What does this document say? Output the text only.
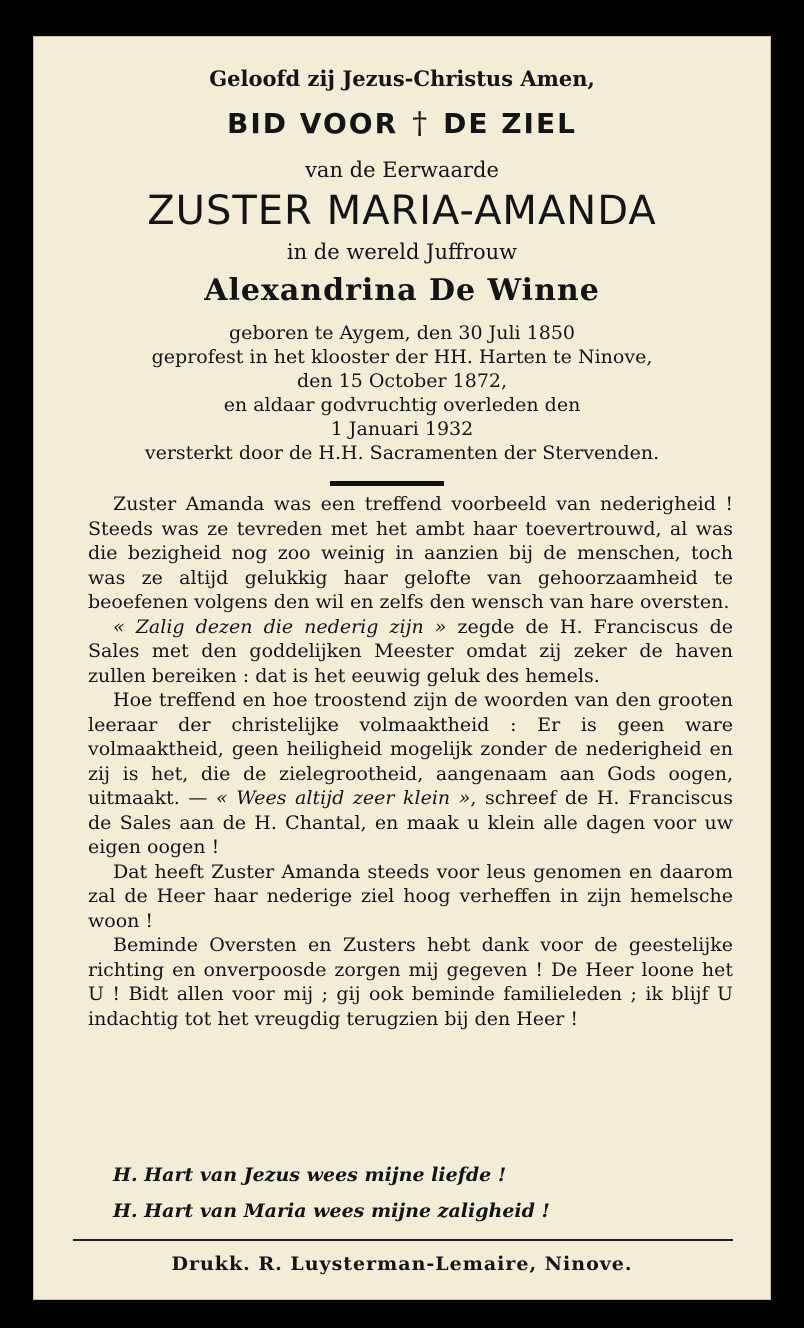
Geloofd zij Jezus-Christus Amen,
BID VOOR † DE ZIEL
van de Eerwaarde
ZUSTER MARIA-AMANDA
in de wereld Juffrouw
Alexandrina De Winne
geboren te Aygem, den 30 Juli 1850
geprofest in het klooster der HH. Harten te Ninove,
den 15 October 1872,
en aldaar godvruchtig overleden den
1 Januari 1932
versterkt door de H.H. Sacramenten der Stervenden.

Zuster Amanda was een treffend voorbeeld van nederigheid ! Steeds was ze tevreden met het ambt haar toevertrouwd, al was die bezigheid nog zoo weinig in aanzien bij de menschen, toch was ze altijd gelukkig haar gelofte van gehoorzaamheid te beoefenen volgens den wil en zelfs den wensch van hare oversten.

« Zalig dezen die nederig zijn » zegde de H. Franciscus de Sales met den goddelijken Meester omdat zij zeker de haven zullen bereiken : dat is het eeuwig geluk des hemels.

Hoe treffend en hoe troostend zijn de woorden van den grooten leeraar der christelijke volmaaktheid : Er is geen ware volmaaktheid, geen heiligheid mogelijk zonder de nederigheid en zij is het, die de zielegrootheid, aangenaam aan Gods oogen, uitmaakt. — « Wees altijd zeer klein », schreef de H. Franciscus de Sales aan de H. Chantal, en maak u klein alle dagen voor uw eigen oogen !

Dat heeft Zuster Amanda steeds voor leus genomen en daarom zal de Heer haar nederige ziel hoog verheffen in zijn hemelsche woon !

Beminde Oversten en Zusters hebt dank voor de geestelijke richting en onverpoosde zorgen mij gegeven ! De Heer loone het U ! Bidt allen voor mij ; gij ook beminde familieleden ; ik blijf U indachtig tot het vreugdig terugzien bij den Heer !

H. Hart van Jezus wees mijne liefde !
H. Hart van Maria wees mijne zaligheid !
Drukk. R. Luysterman-Lemaire, Ninove.
